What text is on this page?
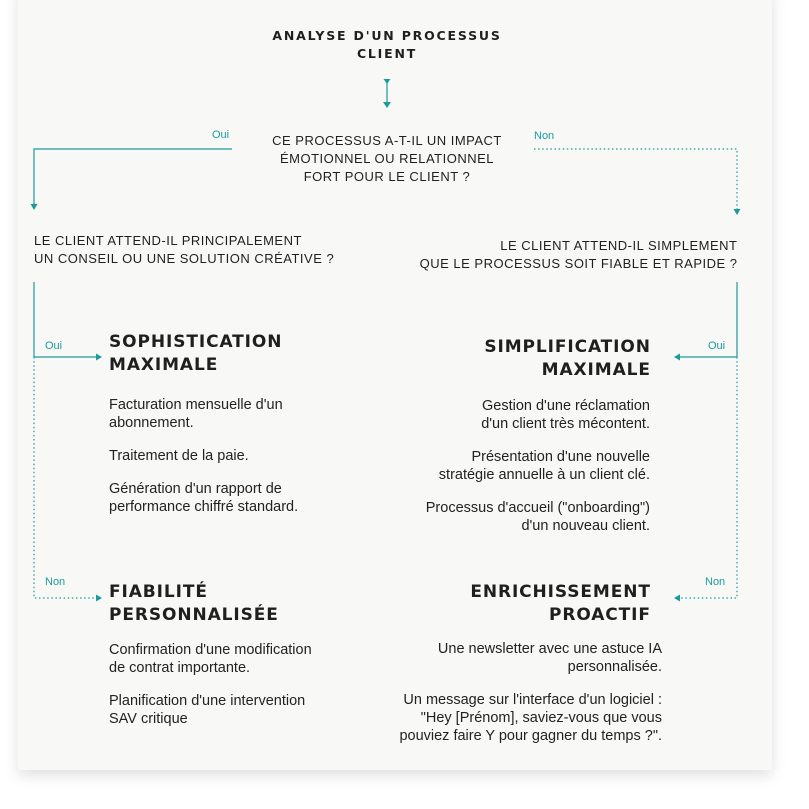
ANALYSE D'UN PROCESSUS
CLIENT
CE PROCESSUS A-T-IL UN IMPACT
ÉMOTIONNEL OU RELATIONNEL
FORT POUR LE CLIENT ?
Oui	Non
LE CLIENT ATTEND-IL PRINCIPALEMENT
UN CONSEIL OU UNE SOLUTION CRÉATIVE ?
Oui
Non
LE CLIENT ATTEND-IL SIMPLEMENT
QUE LE PROCESSUS SOIT FIABLE ET RAPIDE ?
Oui
Non
SOPHISTICATION
MAXIMALE
Facturation mensuelle d'un
abonnement.
Traitement de la paie.
Génération d'un rapport de
performance chiffré standard.
SIMPLIFICATION
MAXIMALE
Gestion d'une réclamation
d'un client très mécontent.
Présentation d'une nouvelle
stratégie annuelle à un client clé.
Processus d'accueil ("onboarding")
d'un nouveau client.
FIABILITÉ
PERSONNALISÉE
Confirmation d'une modification
de contrat importante.
Planification d'une intervention
SAV critique
ENRICHISSEMENT
PROACTIF
Une newsletter avec une astuce IA
personnalisée.
Un message sur l'interface d'un logiciel :
"Hey [Prénom], saviez-vous que vous
pouviez faire Y pour gagner du temps ?".
